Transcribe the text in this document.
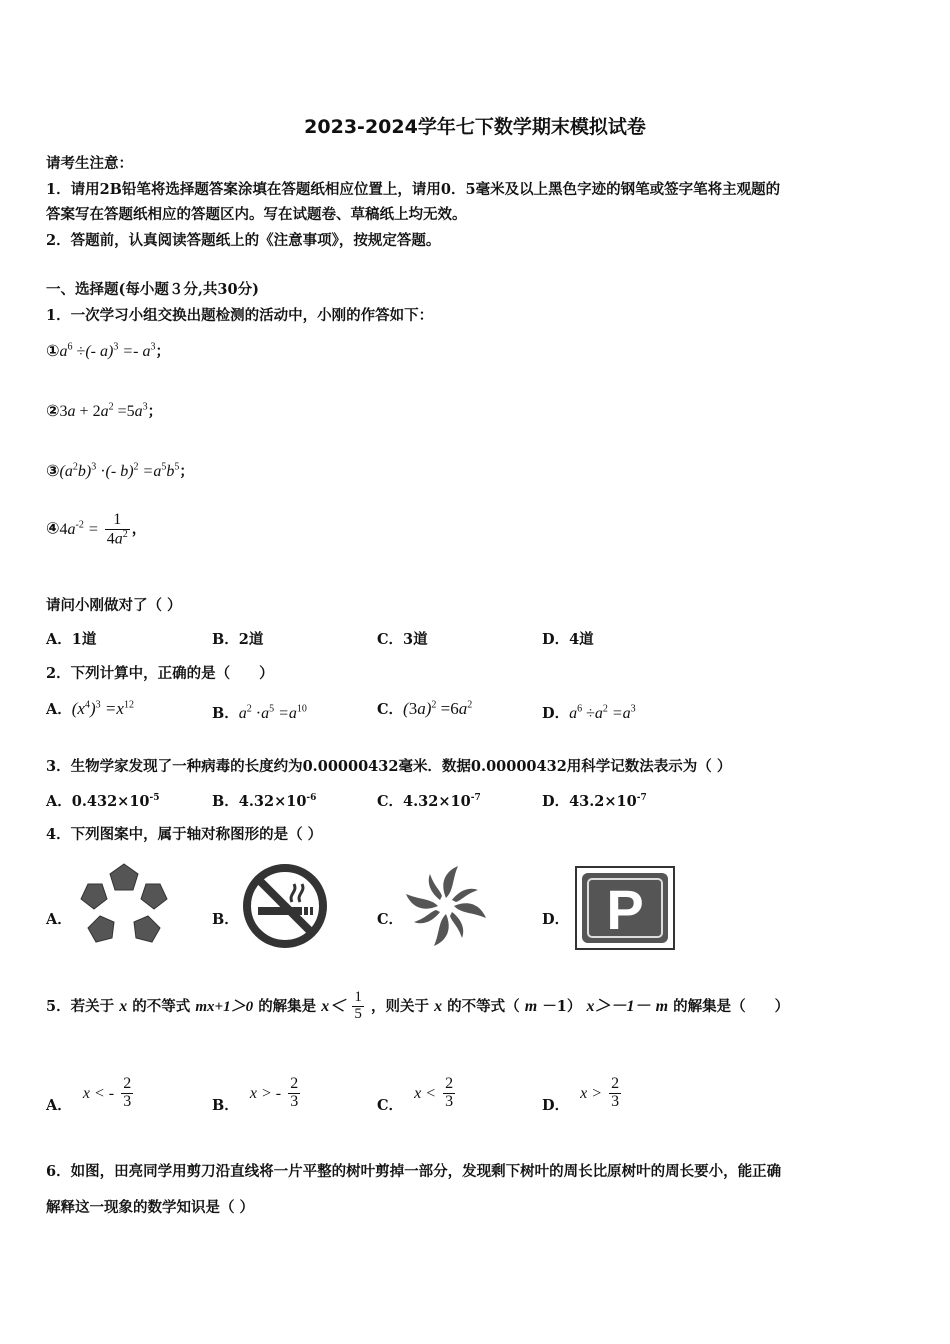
2023-2024学年七下数学期末模拟试卷
请考生注意：
1．请用2B铅笔将选择题答案涂填在答题纸相应位置上，请用0．5毫米及以上黑色字迹的钢笔或签字笔将主观题的
答案写在答题纸相应的答题区内。写在试题卷、草稿纸上均无效。
2．答题前，认真阅读答题纸上的《注意事项》，按规定答题。
一、选择题(每小题３分,共30分)
1．一次学习小组交换出题检测的活动中，小刚的作答如下：
$①a^6$ ÷(- $a)^3 =- a^3$；
②3a + $2a^2 =5a^3$；
$③(a^2b)^3$ ·(- $b)^2 =a^5b^5$；
$④4a^{-2} = \frac{1}{4a^2}$ ，
请问小刚做对了（ ）
A．1道	B．2道	C．3道	D．4道
2．下列计算中，正确的是（　　）
A．$(x^4)^3 =x^{12}$
B．$a^2 \cdot a^5 =a^{10}$	C．$(3a)^2 =6a^2$
D．$a^6 \div a^2 =a^3$
3．生物学家发现了一种病毒的长度约为0.00000432毫米．数据0.00000432用科学记数法表示为（ ）
A．$0.432\times 10^{-5}$	B．$4.32\times 10^{-6}$	C．$4.32\times 10^{-7}$	D．$43.2\times 10^{-7}$
4．下列图案中，属于轴对称图形的是（ ）
A．	B．	C．	D． P
5．若关于 x 的不等式 mx+1＞0 的解集是 $x< \frac{1}{5}$ ，则关于 x 的不等式（ m －1） x＞－1－ m 的解集是（　　）
A． x < - $\frac{2}{3}$	B． x > - $\frac{2}{3}$	C． $x < \frac{2}{3}$	D． $x > \frac{2}{3}$
6．如图，田亮同学用剪刀沿直线将一片平整的树叶剪掉一部分，发现剩下树叶的周长比原树叶的周长要小，能正确
解释这一现象的数学知识是（ ）
